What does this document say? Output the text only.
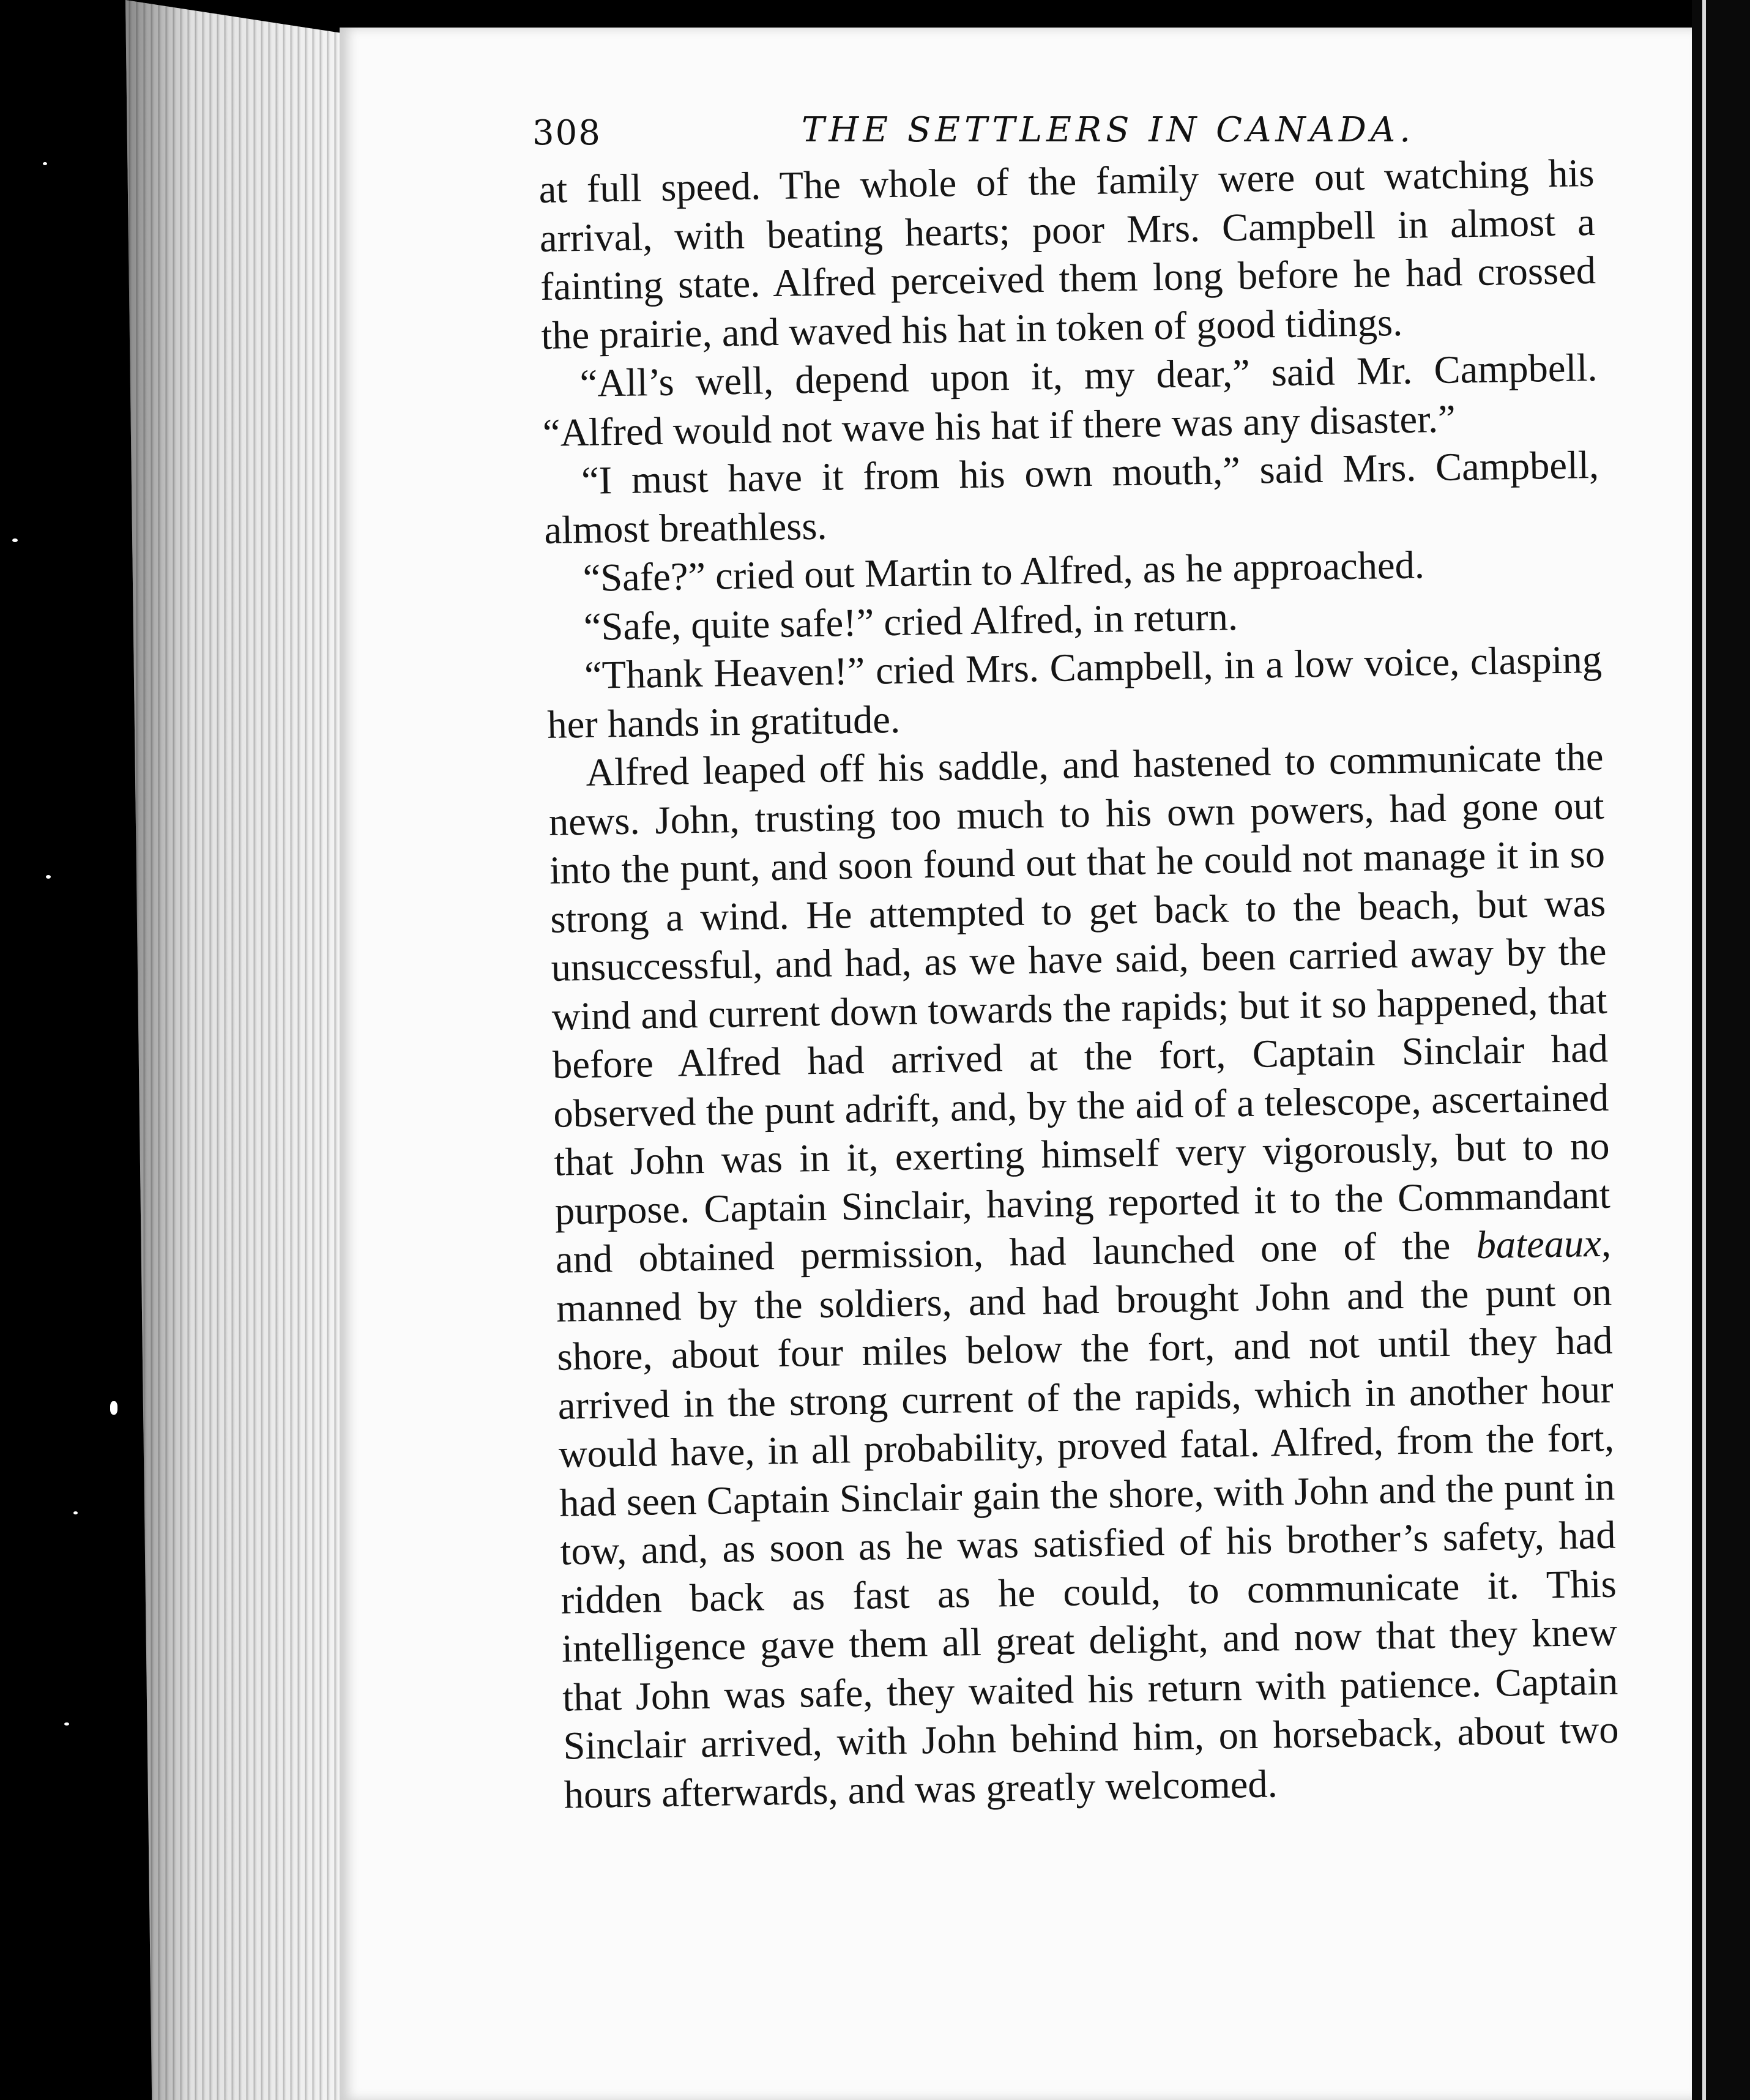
308	THE SETTLERS IN CANADA.

at full speed. The whole of the family were out watching his arrival, with beating hearts; poor Mrs. Campbell in almost a fainting state. Alfred perceived them long before he had crossed the prairie, and waved his hat in token of good tidings.

“All’s well, depend upon it, my dear,” said Mr. Campbell. “Alfred would not wave his hat if there was any disaster.”

“I must have it from his own mouth,” said Mrs. Campbell, almost breathless.

“Safe?” cried out Martin to Alfred, as he approached.

“Safe, quite safe!” cried Alfred, in return.

“Thank Heaven!” cried Mrs. Campbell, in a low voice, clasping her hands in gratitude.

Alfred leaped off his saddle, and hastened to communicate the news. John, trusting too much to his own powers, had gone out into the punt, and soon found out that he could not manage it in so strong a wind. He attempted to get back to the beach, but was unsuccessful, and had, as we have said, been carried away by the wind and current down towards the rapids; but it so happened, that before Alfred had arrived at the fort, Captain Sinclair had observed the punt adrift, and, by the aid of a telescope, ascertained that John was in it, exerting himself very vigorously, but to no purpose. Captain Sinclair, having reported it to the Commandant and obtained permission, had launched one of the bateaux, manned by the soldiers, and had brought John and the punt on shore, about four miles below the fort, and not until they had arrived in the strong current of the rapids, which in another hour would have, in all probability, proved fatal. Alfred, from the fort, had seen Captain Sinclair gain the shore, with John and the punt in tow, and, as soon as he was satisfied of his brother’s safety, had ridden back as fast as he could, to communicate it. This intelligence gave them all great delight, and now that they knew that John was safe, they waited his return with patience. Captain Sinclair arrived, with John behind him, on horseback, about two hours afterwards, and was greatly welcomed.
